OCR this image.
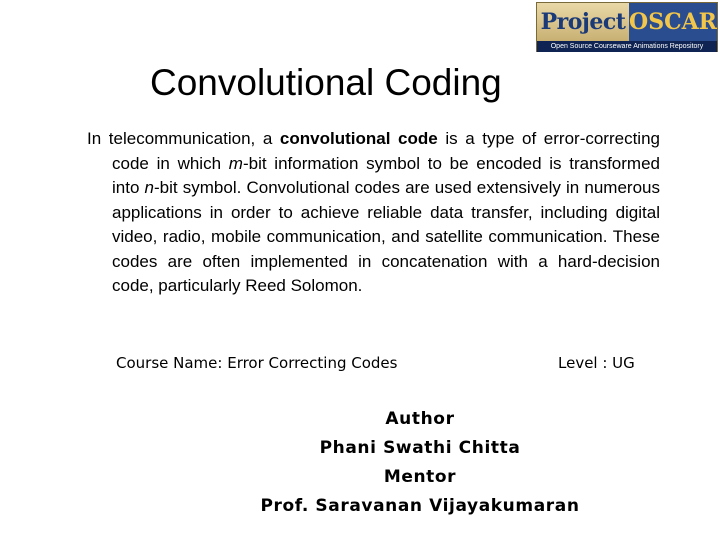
Project OSCAR
Open Source Courseware Animations Repository
Convolutional Coding
In telecommunication, a convolutional code is a type of error-correcting code in which m-bit information symbol to be encoded is transformed into n-bit symbol. Convolutional codes are used extensively in numerous applications in order to achieve reliable data transfer, including digital video, radio, mobile communication, and satellite communication. These codes are often implemented in concatenation with a hard-decision code, particularly Reed Solomon.
Course Name: Error Correcting Codes	Level : UG
Author
Phani Swathi Chitta
Mentor
Prof. Saravanan Vijayakumaran
